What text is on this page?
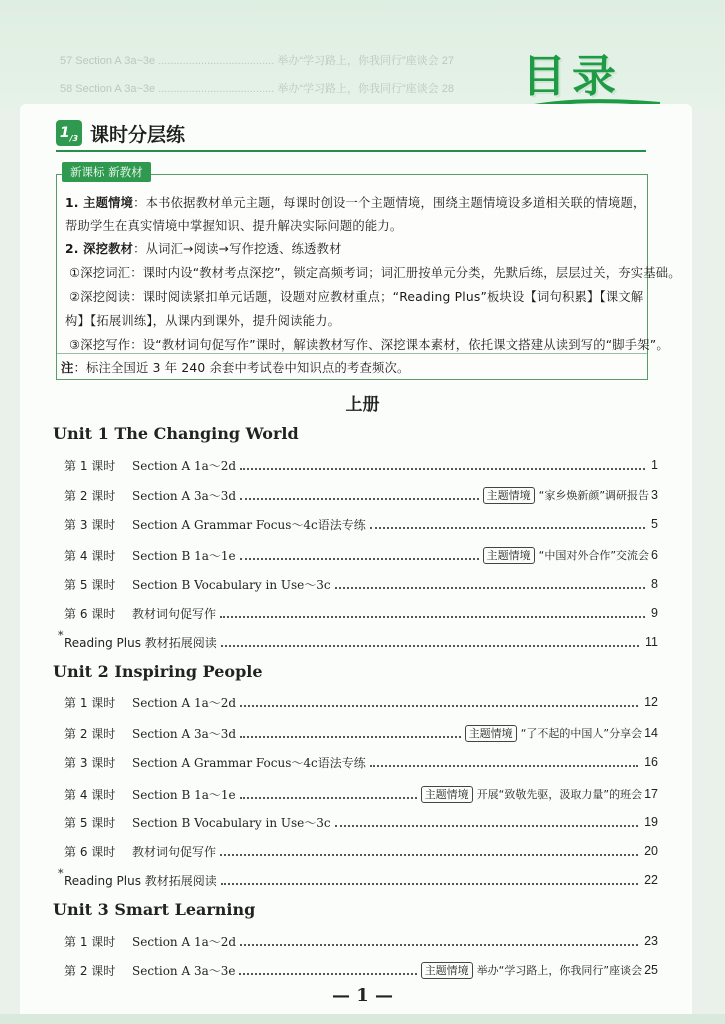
57 Section A 3a~3e ...................................... 举办“学习路上，你我同行”座谈会 27
58 Section A 3a~3e ...................................... 举办“学习路上，你我同行”座谈会 28 目录
$1_{/3}$ 课时分层练
1. 主题情境：本书依据教材单元主题，每课时创设一个主题情境，围绕主题情境设多道相关联的情境题，
帮助学生在真实情境中掌握知识、提升解决实际问题的能力。
2. 深挖教材：从词汇→阅读→写作挖透、练透教材
①深挖词汇：课时内设“教材考点深挖”，锁定高频考词；词汇册按单元分类，先默后练，层层过关，夯实基础。
②深挖阅读：课时阅读紧扣单元话题，设题对应教材重点；“Reading Plus”板块设【词句积累】【课文解
构】【拓展训练】，从课内到课外，提升阅读能力。
③深挖写作：设“教材词句促写作”课时，解读教材写作、深挖课本素材，依托课文搭建从读到写的“脚手架”。
注：标注全国近 3 年 240 余套中考试卷中知识点的考查频次。
新课标 新教材
上册
Unit 1 The Changing World
第 1 课时	Section A 1a～2d	1
第 2 课时	Section A 3a～3d	主题情境 “家乡焕新颜”调研报告 3
第 3 课时	Section A Grammar Focus～4c 语法专练	5
第 4 课时	Section B 1a～1e	主题情境 “中国对外合作”交流会 6
第 5 课时	Section B Vocabulary in Use～3c	8
第 6 课时	教材词句促写作	9
* Reading Plus 教材拓展阅读	11
Unit 2 Inspiring People
第 1 课时	Section A 1a～2d	12
第 2 课时	Section A 3a～3d	主题情境 “了不起的中国人”分享会 14
第 3 课时	Section A Grammar Focus～4c 语法专练	16
第 4 课时	Section B 1a～1e	主题情境 开展“致敬先驱，汲取力量”的班会 17
第 5 课时	Section B Vocabulary in Use～3c	19
第 6 课时	教材词句促写作	20
* Reading Plus 教材拓展阅读	22
Unit 3 Smart Learning
第 1 课时	Section A 1a～2d	23
第 2 课时	Section A 3a～3e	主题情境 举办“学习路上，你我同行”座谈会 25
— 1 —
